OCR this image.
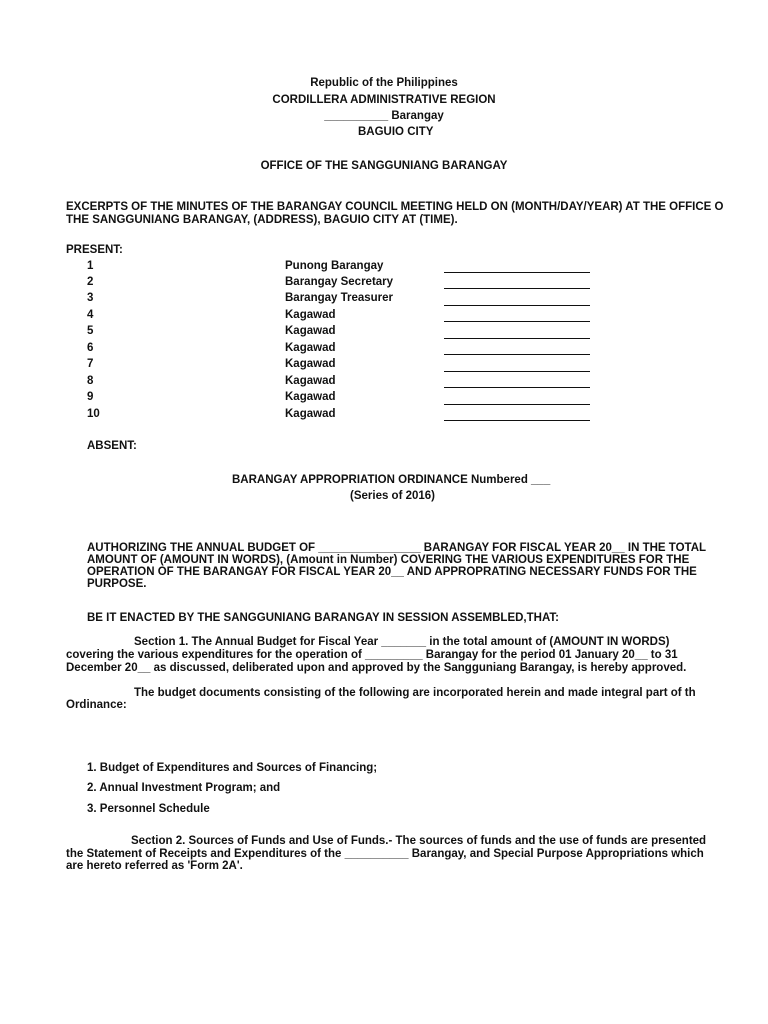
Republic of the Philippines
CORDILLERA ADMINISTRATIVE REGION
__________ Barangay
BAGUIO CITY
OFFICE OF THE SANGGUNIANG BARANGAY
EXCERPTS OF THE MINUTES OF THE BARANGAY COUNCIL MEETING HELD ON (MONTH/DAY/YEAR) AT THE OFFICE O
THE SANGGUNIANG BARANGAY, (ADDRESS), BAGUIO CITY AT (TIME).
PRESENT:
1	Punong Barangay
2	Barangay Secretary
3	Barangay Treasurer
4	Kagawad
5	Kagawad
6	Kagawad
7	Kagawad
8	Kagawad
9	Kagawad
10	Kagawad
ABSENT:
BARANGAY APPROPRIATION ORDINANCE Numbered ___
(Series of 2016)
AUTHORIZING THE ANNUAL BUDGET OF ________________ BARANGAY FOR FISCAL YEAR 20__ IN THE TOTAL
AMOUNT OF (AMOUNT IN WORDS), (Amount in Number) COVERING THE VARIOUS EXPENDITURES FOR THE
OPERATION OF THE BARANGAY FOR FISCAL YEAR 20__ AND APPROPRATING NECESSARY FUNDS FOR THE
PURPOSE.
BE IT ENACTED BY THE SANGGUNIANG BARANGAY IN SESSION ASSEMBLED,THAT:
Section 1. The Annual Budget for Fiscal Year _______ in the total amount of (AMOUNT IN WORDS)
covering the various expenditures for the operation of _________ Barangay for the period 01 January 20__ to 31
December 20__ as discussed, deliberated upon and approved by the Sangguniang Barangay, is hereby approved.
The budget documents consisting of the following are incorporated herein and made integral part of th
Ordinance:
1. Budget of Expenditures and Sources of Financing;
2. Annual Investment Program; and
3. Personnel Schedule
Section 2. Sources of Funds and Use of Funds.- The sources of funds and the use of funds are presented
the Statement of Receipts and Expenditures of the __________ Barangay, and Special Purpose Appropriations which
are hereto referred as 'Form 2A'.
